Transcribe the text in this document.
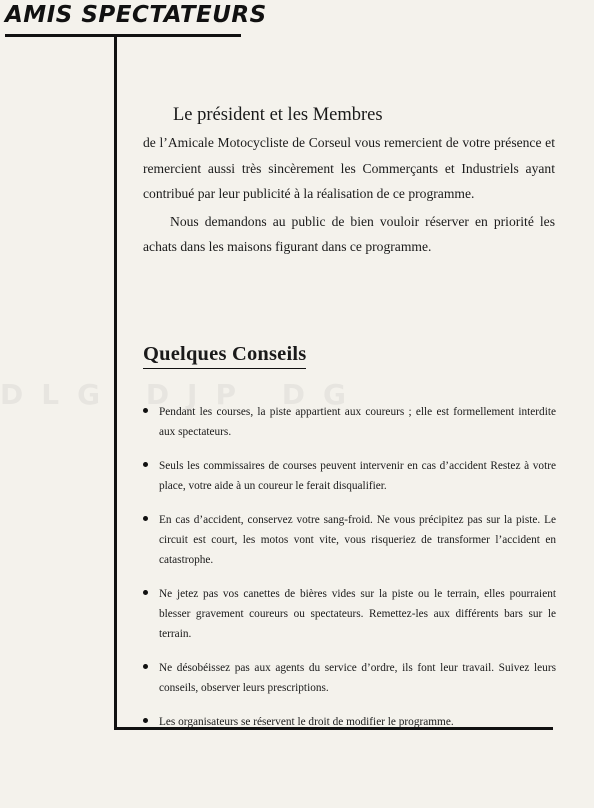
DLG DJP DG
AMIS SPECTATEURS
Le président et les Membres

de l’Amicale Motocycliste de Corseul vous remercient de votre présence et remercient aussi très sincèrement les Commerçants et Industriels ayant contribué par leur publicité à la réalisation de ce programme.

Nous demandons au public de bien vouloir réserver en priorité les achats dans les maisons figurant dans ce programme.

Quelques Conseils
Pendant les courses, la piste appartient aux coureurs ; elle est formellement interdite aux spectateurs.
Seuls les commissaires de courses peuvent intervenir en cas d’accident Restez à votre place, votre aide à un coureur le ferait disqualifier.
En cas d’accident, conservez votre sang-froid. Ne vous précipitez pas sur la piste. Le circuit est court, les motos vont vite, vous risqueriez de transformer l’accident en catastrophe.
Ne jetez pas vos canettes de bières vides sur la piste ou le terrain, elles pourraient blesser gravement coureurs ou spectateurs. Remettez-les aux différents bars sur le terrain.
Ne désobéissez pas aux agents du service d’ordre, ils font leur travail. Suivez leurs conseils, observer leurs prescriptions.
Les organisateurs se réservent le droit de modifier le programme.
